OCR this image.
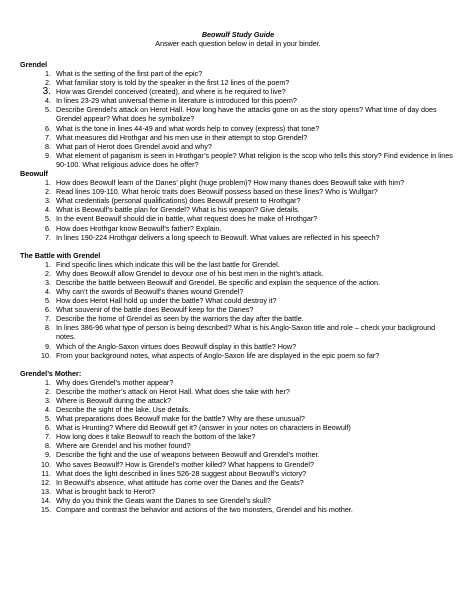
Beowulf Study Guide
Answer each question below in detail in your binder.
Grendel
1. What is the setting of the first part of the epic?
2. What familiar story is told by the speaker in the first 12 lines of the poem?
3. How was Grendel conceived (created), and where is he required to live?
4. In lines 23-29 what universal theme in literature is introduced for this poem?
5. Describe Grendel’s attack on Herot Hall. How long have the attacks gone on as the story opens? What time of day does Grendel appear? What does he symbolize?
6. What is the tone in lines 44-49 and what words help to convey (express) that tone?
7. What measures did Hrothgar and his men use in their attempt to stop Grendel?
8. What part of Herot does Grendel avoid and why?
9. What element of paganism is seen in Hrothgar’s people? What religion is the scop who tells this story? Find evidence in lines 90-100. What religious advice does he offer?
Beowulf
1. How does Beowulf learn of the Danes’ plight (huge problem)? How many thanes does Beowulf take with him?
2. Read lines 109-110. What heroic traits does Beowulf possess based on these lines? Who is Wulfgar?
3. What credentials (personal qualifications) does Beowulf present to Hrothgar?
4. What is Beowulf’s battle plan for Grendel? What is his weapon? Give details.
5. In the event Beowulf should die in battle, what request does he make of Hrothgar?
6. How does Hrothgar know Beowulf’s father? Explain.
7. In lines 190-224 Hrothgar delivers a long speech to Beowulf. What values are reflected in his speech?
The Battle with Grendel
1. Find specific lines which indicate this will be the last battle for Grendel.
2. Why does Beowulf allow Grendel to devour one of his best men in the night’s attack.
3. Describe the battle between Beowulf and Grendel. Be specific and explain the sequence of the action.
4. Why can’t the swords of Beowulf’s thanes wound Grendel?
5. How does Herot Hall hold up under the battle? What could destroy it?
6. What souvenir of the battle does Beowulf keep for the Danes?
7. Describe the home of Grendel as seen by the warriors the day after the battle.
8. In lines 386-96 what type of person is being described? What is his Anglo-Saxon title and role – check your background notes.
9. Which of the Anglo-Saxon virtues does Beowulf display in this battle? How?
10. From your background notes, what aspects of Anglo-Saxon life are displayed in the epic poem so far?
Grendel’s Mother:
1. Why does Grendel’s mother appear?
2. Describe the mother’s attack on Herot Hall. What does she take with her?
3. Where is Beowulf during the attack?
4. Describe the sight of the lake. Use details.
5. What preparations does Beowulf make for the battle? Why are these unusual?
6. What is Hrunting? Where did Beowulf get it? (answer in your notes on characters in Beowulf)
7. How long does it take Beowulf to reach the bottom of the lake?
8. Where are Grendel and his mother found?
9. Describe the fight and the use of weapons between Beowulf and Grendel’s mother.
10. Who saves Beowulf? How is Grendel’s mother killed? What happens to Grendel?
11. What does the light described in lines 526-28 suggest about Beowulf’s victory?
12. In Beowulf’s absence, what attitude has come over the Danes and the Geats?
13. What is brought back to Herot?
14. Why do you think the Geats want the Danes to see Grendel’s skull?
15. Compare and contrast the behavior and actions of the two monsters, Grendel and his mother.
